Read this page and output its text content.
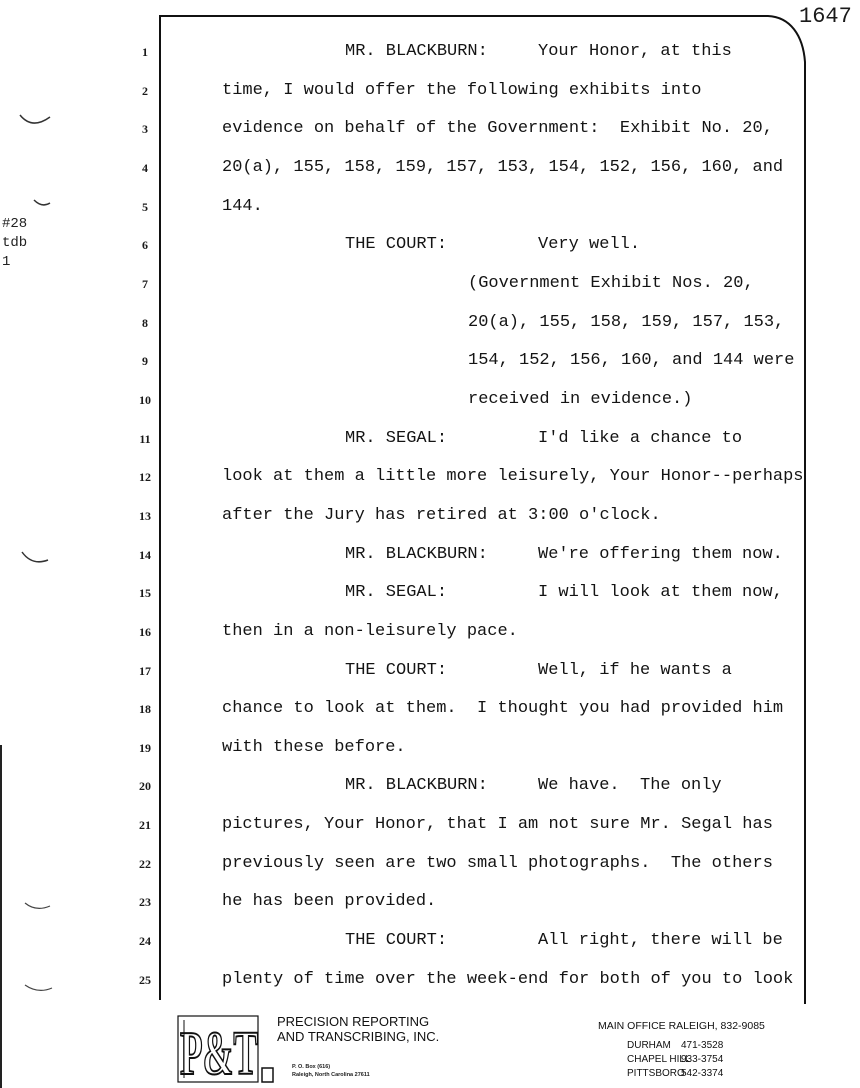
1647
#28
tdb
1
1	MR. BLACKBURN:	Your Honor, at this
2	time, I would offer the following exhibits into
3	evidence on behalf of the Government:  Exhibit No. 20,
4	20(a), 155, 158, 159, 157, 153, 154, 152, 156, 160, and
5	144.
6	THE COURT:	Very well.
7	(Government Exhibit Nos. 20,
8	20(a), 155, 158, 159, 157, 153,
9	154, 152, 156, 160, and 144 were
10	received in evidence.)
11	MR. SEGAL:	I'd like a chance to
12	look at them a little more leisurely, Your Honor--perhaps
13	after the Jury has retired at 3:00 o'clock.
14	MR. BLACKBURN:	We're offering them now.
15	MR. SEGAL:	I will look at them now,
16	then in a non-leisurely pace.
17	THE COURT:	Well, if he wants a
18	chance to look at them.  I thought you had provided him
19	with these before.
20	MR. BLACKBURN:	We have.  The only
21	pictures, Your Honor, that I am not sure Mr. Segal has
22	previously seen are two small photographs.  The others
23	he has been provided.
24	THE COURT:	All right, there will be
25	plenty of time over the week-end for both of you to look
P&T PRECISION REPORTING
AND TRANSCRIBING, INC.
P. O. Box (616)
Raleigh, North Carolina 27611
MAIN OFFICE RALEIGH, 832-9085
DURHAM 471-3528
CHAPEL HILL
933-3754
PITTSBORO
542-3374
